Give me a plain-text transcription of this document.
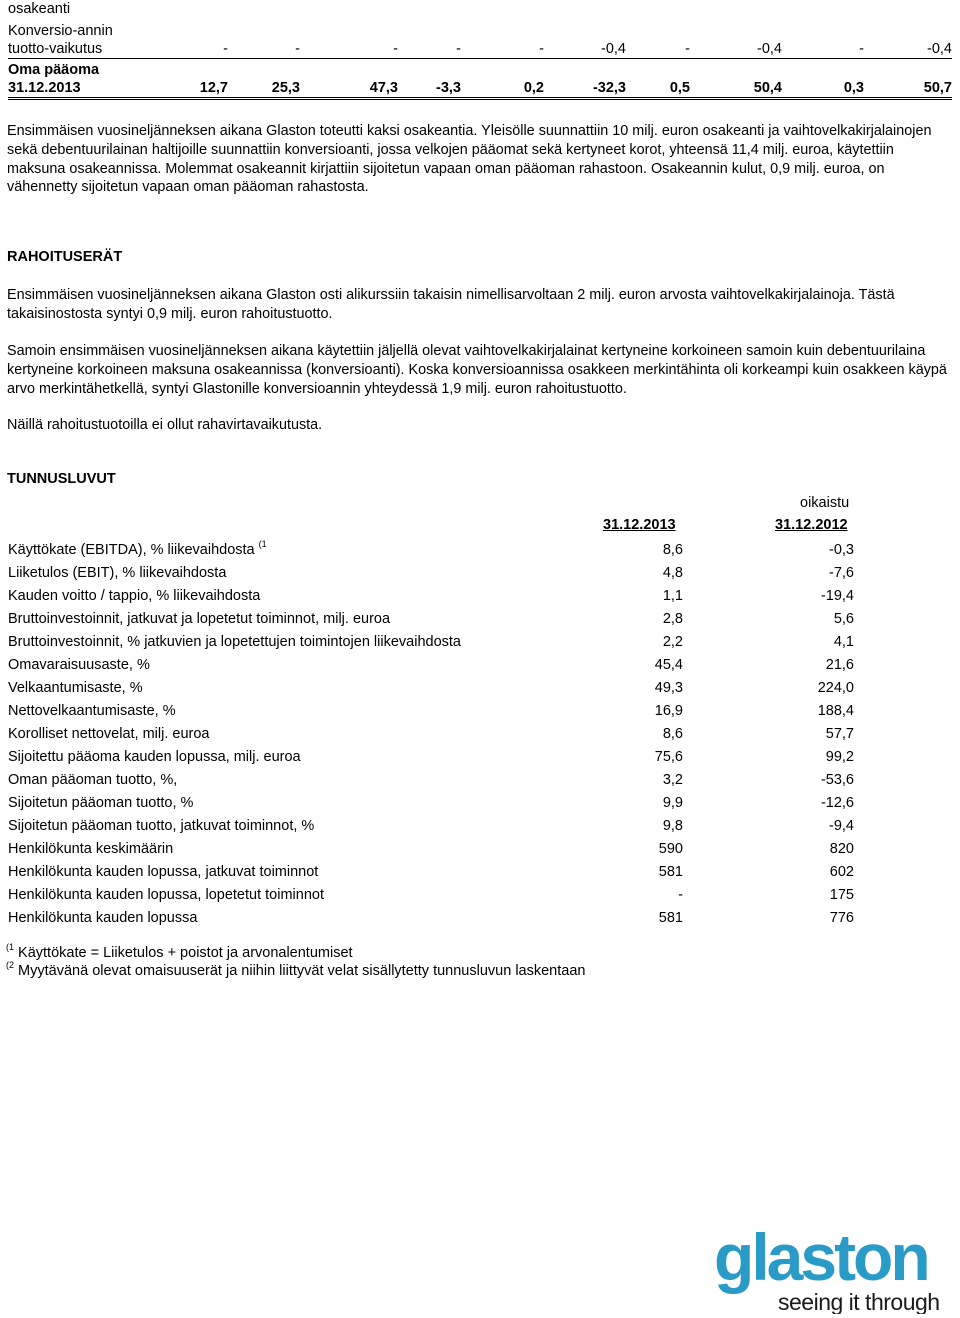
osakeanti
Konversio-annin
tuotto-vaikutus	-	-	-	-	-	-0,4	-	-0,4	-	-0,4
Oma pääoma
31.12.2013	12,7	25,3	47,3	-3,3	0,2	-32,3	0,5	50,4	0,3	50,7

Ensimmäisen vuosineljänneksen aikana Glaston toteutti kaksi osakeantia. Yleisölle suunnattiin 10 milj. euron osakeanti ja vaihtovelkakirjalainojen sekä debentuurilainan haltijoille suunnattiin konversioanti, jossa velkojen pääomat sekä kertyneet korot, yhteensä 11,4 milj. euroa, käytettiin maksuna osakeannissa. Molemmat osakeannit kirjattiin sijoitetun vapaan oman pääoman rahastoon. Osakeannin kulut, 0,9 milj. euroa, on vähennetty sijoitetun vapaan oman pääoman rahastosta.

RAHOITUSERÄT

Ensimmäisen vuosineljänneksen aikana Glaston osti alikurssiin takaisin nimellisarvoltaan 2 milj. euron arvosta vaihtovelkakirjalainoja. Tästä takaisinostosta syntyi 0,9 milj. euron rahoitustuotto.

Samoin ensimmäisen vuosineljänneksen aikana käytettiin jäljellä olevat vaihtovelkakirjalainat kertyneine korkoineen samoin kuin debentuurilaina kertyneine korkoineen maksuna osakeannissa (konversioanti). Koska konversioannissa osakkeen merkintähinta oli korkeampi kuin osakkeen käypä arvo merkintähetkellä, syntyi Glastonille konversioannin yhteydessä 1,9 milj. euron rahoitustuotto.

Näillä rahoitustuotoilla ei ollut rahavirtavaikutusta.

TUNNUSLUVUT
oikaistu
31.12.2013	31.12.2012
Käyttökate (EBITDA), % liikevaihdosta $^{(1}$	8,6	-0,3
Liiketulos (EBIT), % liikevaihdosta	4,8	-7,6
Kauden voitto / tappio, % liikevaihdosta	1,1	-19,4
Bruttoinvestoinnit, jatkuvat ja lopetetut toiminnot, milj. euroa	2,8	5,6
Bruttoinvestoinnit, % jatkuvien ja lopetettujen toimintojen liikevaihdosta	2,2	4,1
Omavaraisuusaste, %	45,4	21,6
Velkaantumisaste, %	49,3	224,0
Nettovelkaantumisaste, %	16,9	188,4
Korolliset nettovelat, milj. euroa	8,6	57,7
Sijoitettu pääoma kauden lopussa, milj. euroa	75,6	99,2
Oman pääoman tuotto, %,	3,2	-53,6
Sijoitetun pääoman tuotto, %	9,9	-12,6
Sijoitetun pääoman tuotto, jatkuvat toiminnot, %	9,8	-9,4
Henkilökunta keskimäärin	590	820
Henkilökunta kauden lopussa, jatkuvat toiminnot	581	602
Henkilökunta kauden lopussa, lopetetut toiminnot	-	175
Henkilökunta kauden lopussa	581	776
$^{(1}$ Käyttökate = Liiketulos + poistot ja arvonalentumiset
$^{(2}$ Myytävänä olevat omaisuuserät ja niihin liittyvät velat sisällytetty tunnusluvun laskentaan
glaston
seeing it through
